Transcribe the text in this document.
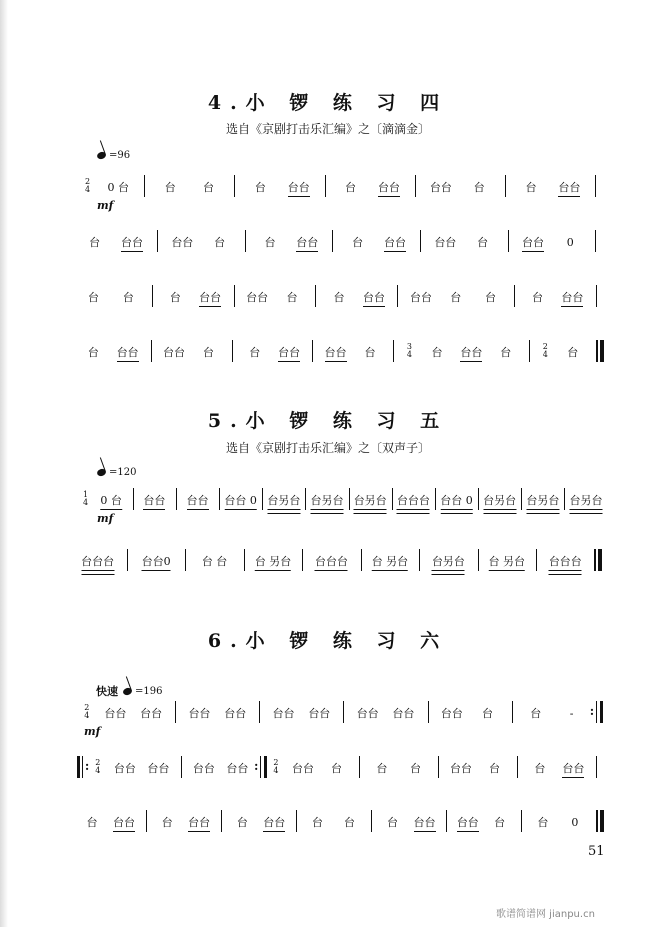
4.小 锣 练 习 四
选自《京剧打击乐汇编》之〔滴滴金〕
=96
2
4 0 台	台 台	台 台台	台 台台	台台 台	台 台台
台 台台	台台 台	台 台台	台 台台	台台 台	台台 0
台 台	台 台台 台台 台	台 台台 台台 台 台	台 台台
台 台台 台台 台	台 台台 台台 台	3
4 台 台台 台	2
4 台
5.小 锣 练 习 五
选自《京剧打击乐汇编》之〔双声子〕
=120
1
4 0 台 台台 台台 台台 0 台另台 台另台 台另台 台台台 台台 0 台另台 台另台 台另台
台台台 台台0	台 台 台 另台 台台台 台 另台 台另台 台 另台 台台台
6.小 锣 练 习 六
快速 =196
2
4 台台 台台 台台 台台 台台 台台 台台 台台 台台 台	台	-
:
:
2
4 台台 台台 台台 台台
:	2
4 台台 台	台 台	台台 台	台 台台
台 台台 台 台台 台 台台 台 台	台 台台 台台 台	台 0
mf
mf
mf
51
歌谱简谱网 jianpu.cn
